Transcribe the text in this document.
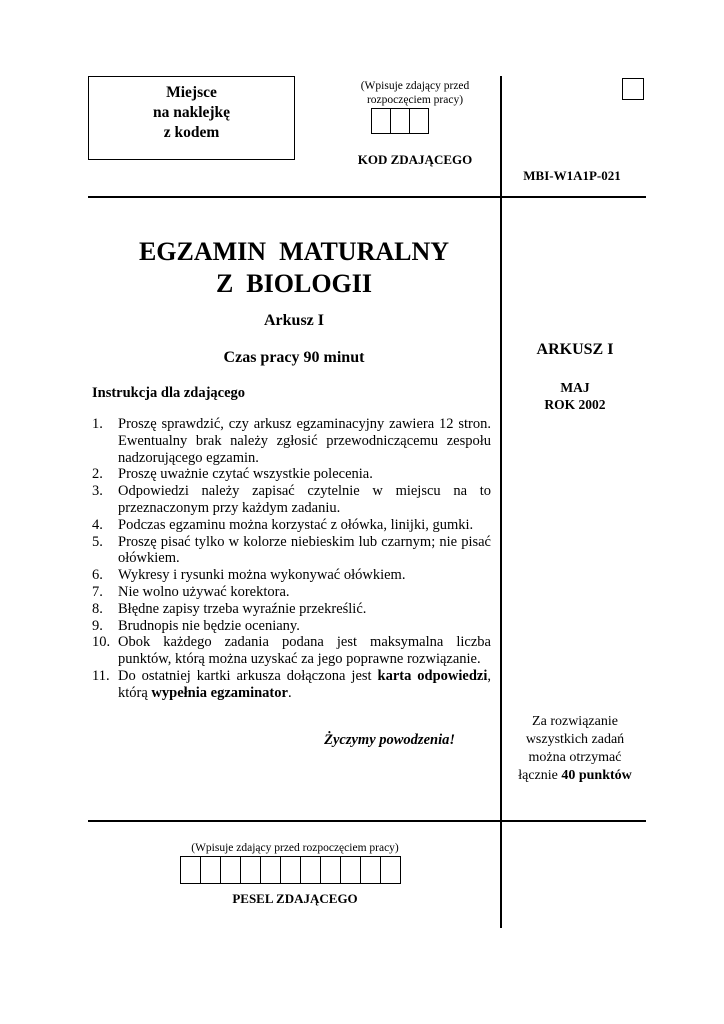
Miejsce
na naklejkę
z kodem
(Wpisuje zdający przed
rozpoczęciem pracy)
KOD ZDAJĄCEGO
MBI-W1A1P-021
EGZAMIN  MATURALNY
Z  BIOLOGII
Arkusz I
Czas pracy 90 minut
Instrukcja dla zdającego
1.	Proszę sprawdzić, czy arkusz egzaminacyjny zawiera 12 stron. Ewentualny brak należy zgłosić przewodniczącemu zespołu nadzorującego egzamin.
2.	Proszę uważnie czytać wszystkie polecenia.
3.	Odpowiedzi należy zapisać czytelnie w miejscu na to przeznaczonym przy każdym zadaniu.
4.	Podczas egzaminu można korzystać z ołówka, linijki, gumki.
5.	Proszę pisać tylko w kolorze niebieskim lub czarnym; nie pisać ołówkiem.
6.	Wykresy i rysunki można wykonywać ołówkiem.
7.	Nie wolno używać korektora.
8.	Błędne zapisy trzeba wyraźnie przekreślić.
9.	Brudnopis nie będzie oceniany.
10. Obok każdego zadania podana jest maksymalna liczba punktów, którą można uzyskać za jego poprawne rozwiązanie.
11. Do ostatniej kartki arkusza dołączona jest karta odpowiedzi, którą wypełnia egzaminator.
Życzymy powodzenia!
ARKUSZ I
MAJ
ROK 2002
Za rozwiązanie
wszystkich zadań
można otrzymać
łącznie 40 punktów
(Wpisuje zdający przed rozpoczęciem pracy)
PESEL ZDAJĄCEGO
